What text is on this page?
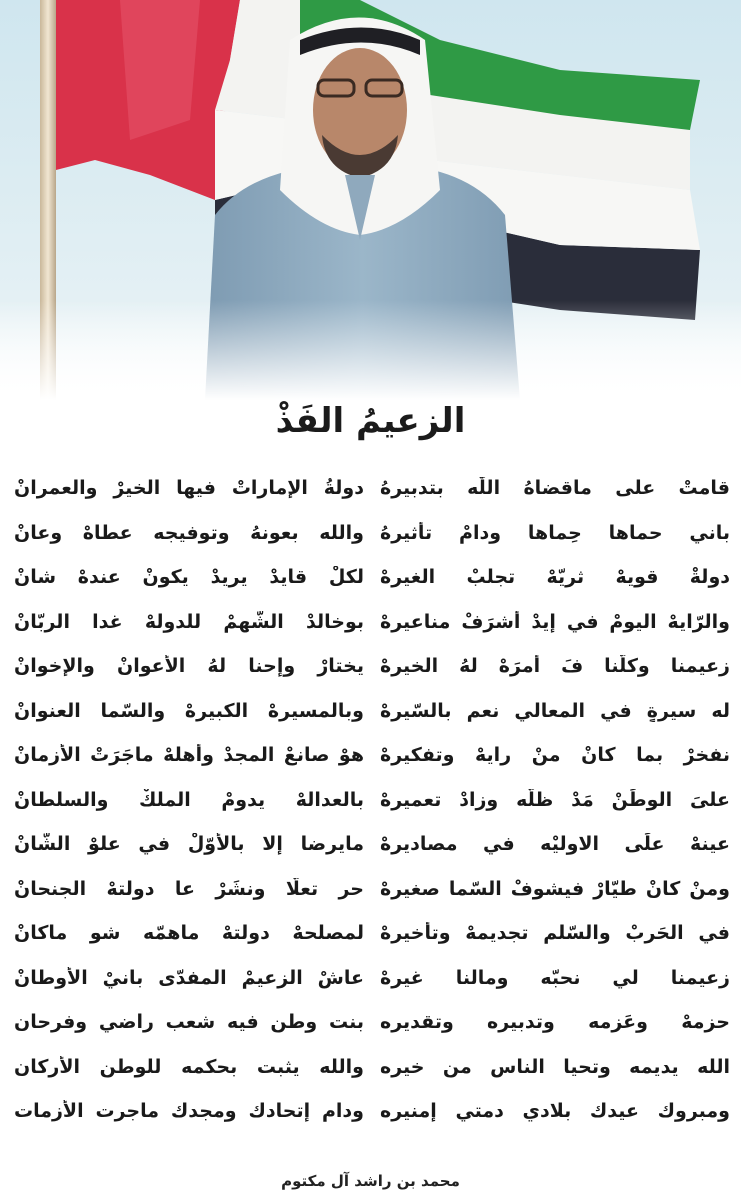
الزعيمُ الفَذْ
قامتْ على ماقضاهُ اللّٰه بتدبيرهُ
دولةُ الإماراتْ فيها الخيرْ والعمرانْ
باني حماها حِماها ودامْ تأثيرهُ
والله بعونهُ وتوفيجه عطاهْ وعانْ
دولةْ قويهْ ثريّهْ تجلبْ الغيرهْ
لكلْ قايدْ يريدْ يكونْ عندهْ شانْ
والرّايهْ اليومْ في إيدْ أشرَفْ مناعيرهْ
بوخالدْ الشّهمْ للدولهْ غدا الربّانْ
زعيمنا وكلّنا فَ أمرَهْ لهُ الخيرهْ
يختارْ وإحنا لهُ الأعوانْ والإخوانْ
له سيرةٍ في المعالي نعم بالسّيرهْ
وبالمسيرهْ الكبيرهْ والسّما العنوانْ
نفخرْ بما كانْ منْ رايهْ وتفكيرهْ
هوْ صانعْ المجدْ وأهلهْ ماجَرَتْ الأزمانْ
علىَ الوطَنْ مَدْ ظلّه وزادْ تعميرهْ
بالعدالهْ يدومْ الملكْ والسلطانْ
عينهْ علَى الاوليْه في مصاديرهْ
مايرضا إلا بالأوّلْ في علوْ الشّانْ
ومنْ كانْ طيّارْ فيشوفْ السّما صغيرهْ
حرٍ تعلّا ونشَرْ عا دولتهْ الجنحانْ
في الحَربْ والسّلم تجديمهْ وتأخيرهْ
لمصلحهْ دولتهْ ماهمّه شو ماكانْ
زعيمنا لي نحبّه ومالنا غيرهْ
عاشْ الزعيمْ المفدّى بانيْ الأوطانْ
حزمهْ وعَزمه وتدبيره وتقديره
بنت وطن فيه شعب راضي وفرحان
الله يديمه وتحيا الناس من خيره
والله يثبت بحكمه للوطن الأركان
ومبروك عيدك بلادي دمتي إمنيره
ودام إتحادك ومجدك ماجرت الأزمات
محمد بن راشد آل مكتوم
